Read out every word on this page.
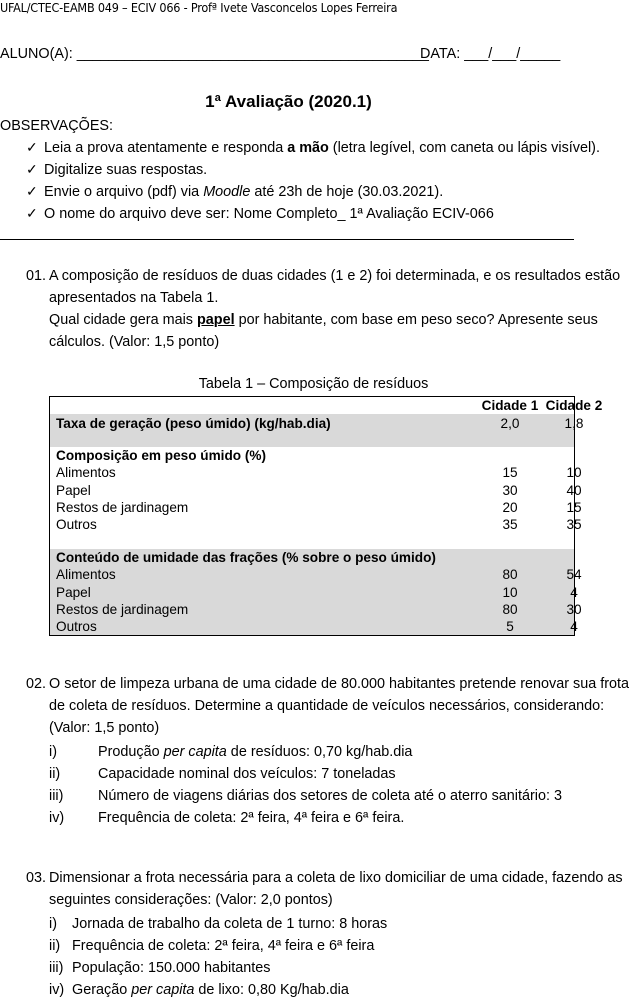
UFAL/CTEC-EAMB 049 – ECIV 066 - Profª Ivete Vasconcelos Lopes Ferreira
ALUNO(A): ____________________________________________
DATA: ___/___/_____
1ª Avaliação (2020.1)
OBSERVAÇÕES:
✓ Leia a prova atentamente e responda a mão (letra legível, com caneta ou lápis visível).
✓ Digitalize suas respostas.
✓ Envie o arquivo (pdf) via Moodle até 23h de hoje (30.03.2021).
✓ O nome do arquivo deve ser: Nome Completo_ 1ª Avaliação ECIV-066
01. A composição de resíduos de duas cidades (1 e 2) foi determinada, e os resultados estão
apresentados na Tabela 1.
Qual cidade gera mais papel por habitante, com base em peso seco? Apresente seus
cálculos. (Valor: 1,5 ponto)
Tabela 1 – Composição de resíduos
Cidade 1 Cidade 2
Taxa de geração (peso úmido) (kg/hab.dia)	2,0	1,8
Composição em peso úmido (%)
Alimentos	15	10
Papel	30	40
Restos de jardinagem	20	15
Outros	35	35
Conteúdo de umidade das frações (% sobre o peso úmido)
Alimentos	80	54
Papel	10	4
Restos de jardinagem	80	30
Outros	5	4
02. O setor de limpeza urbana de uma cidade de 80.000 habitantes pretende renovar sua frota
de coleta de resíduos. Determine a quantidade de veículos necessários, considerando:
(Valor: 1,5 ponto)
i)	Produção per capita de resíduos: 0,70 kg/hab.dia
ii)	Capacidade nominal dos veículos: 7 toneladas
iii) Número de viagens diárias dos setores de coleta até o aterro sanitário: 3
iv) Frequência de coleta: 2ª feira, 4ª feira e 6ª feira.
03. Dimensionar a frota necessária para a coleta de lixo domiciliar de uma cidade, fazendo as
seguintes considerações: (Valor: 2,0 pontos)
i) Jornada de trabalho da coleta de 1 turno: 8 horas
ii) Frequência de coleta: 2ª feira, 4ª feira e 6ª feira
iii) População: 150.000 habitantes
iv) Geração per capita de lixo: 0,80 Kg/hab.dia
